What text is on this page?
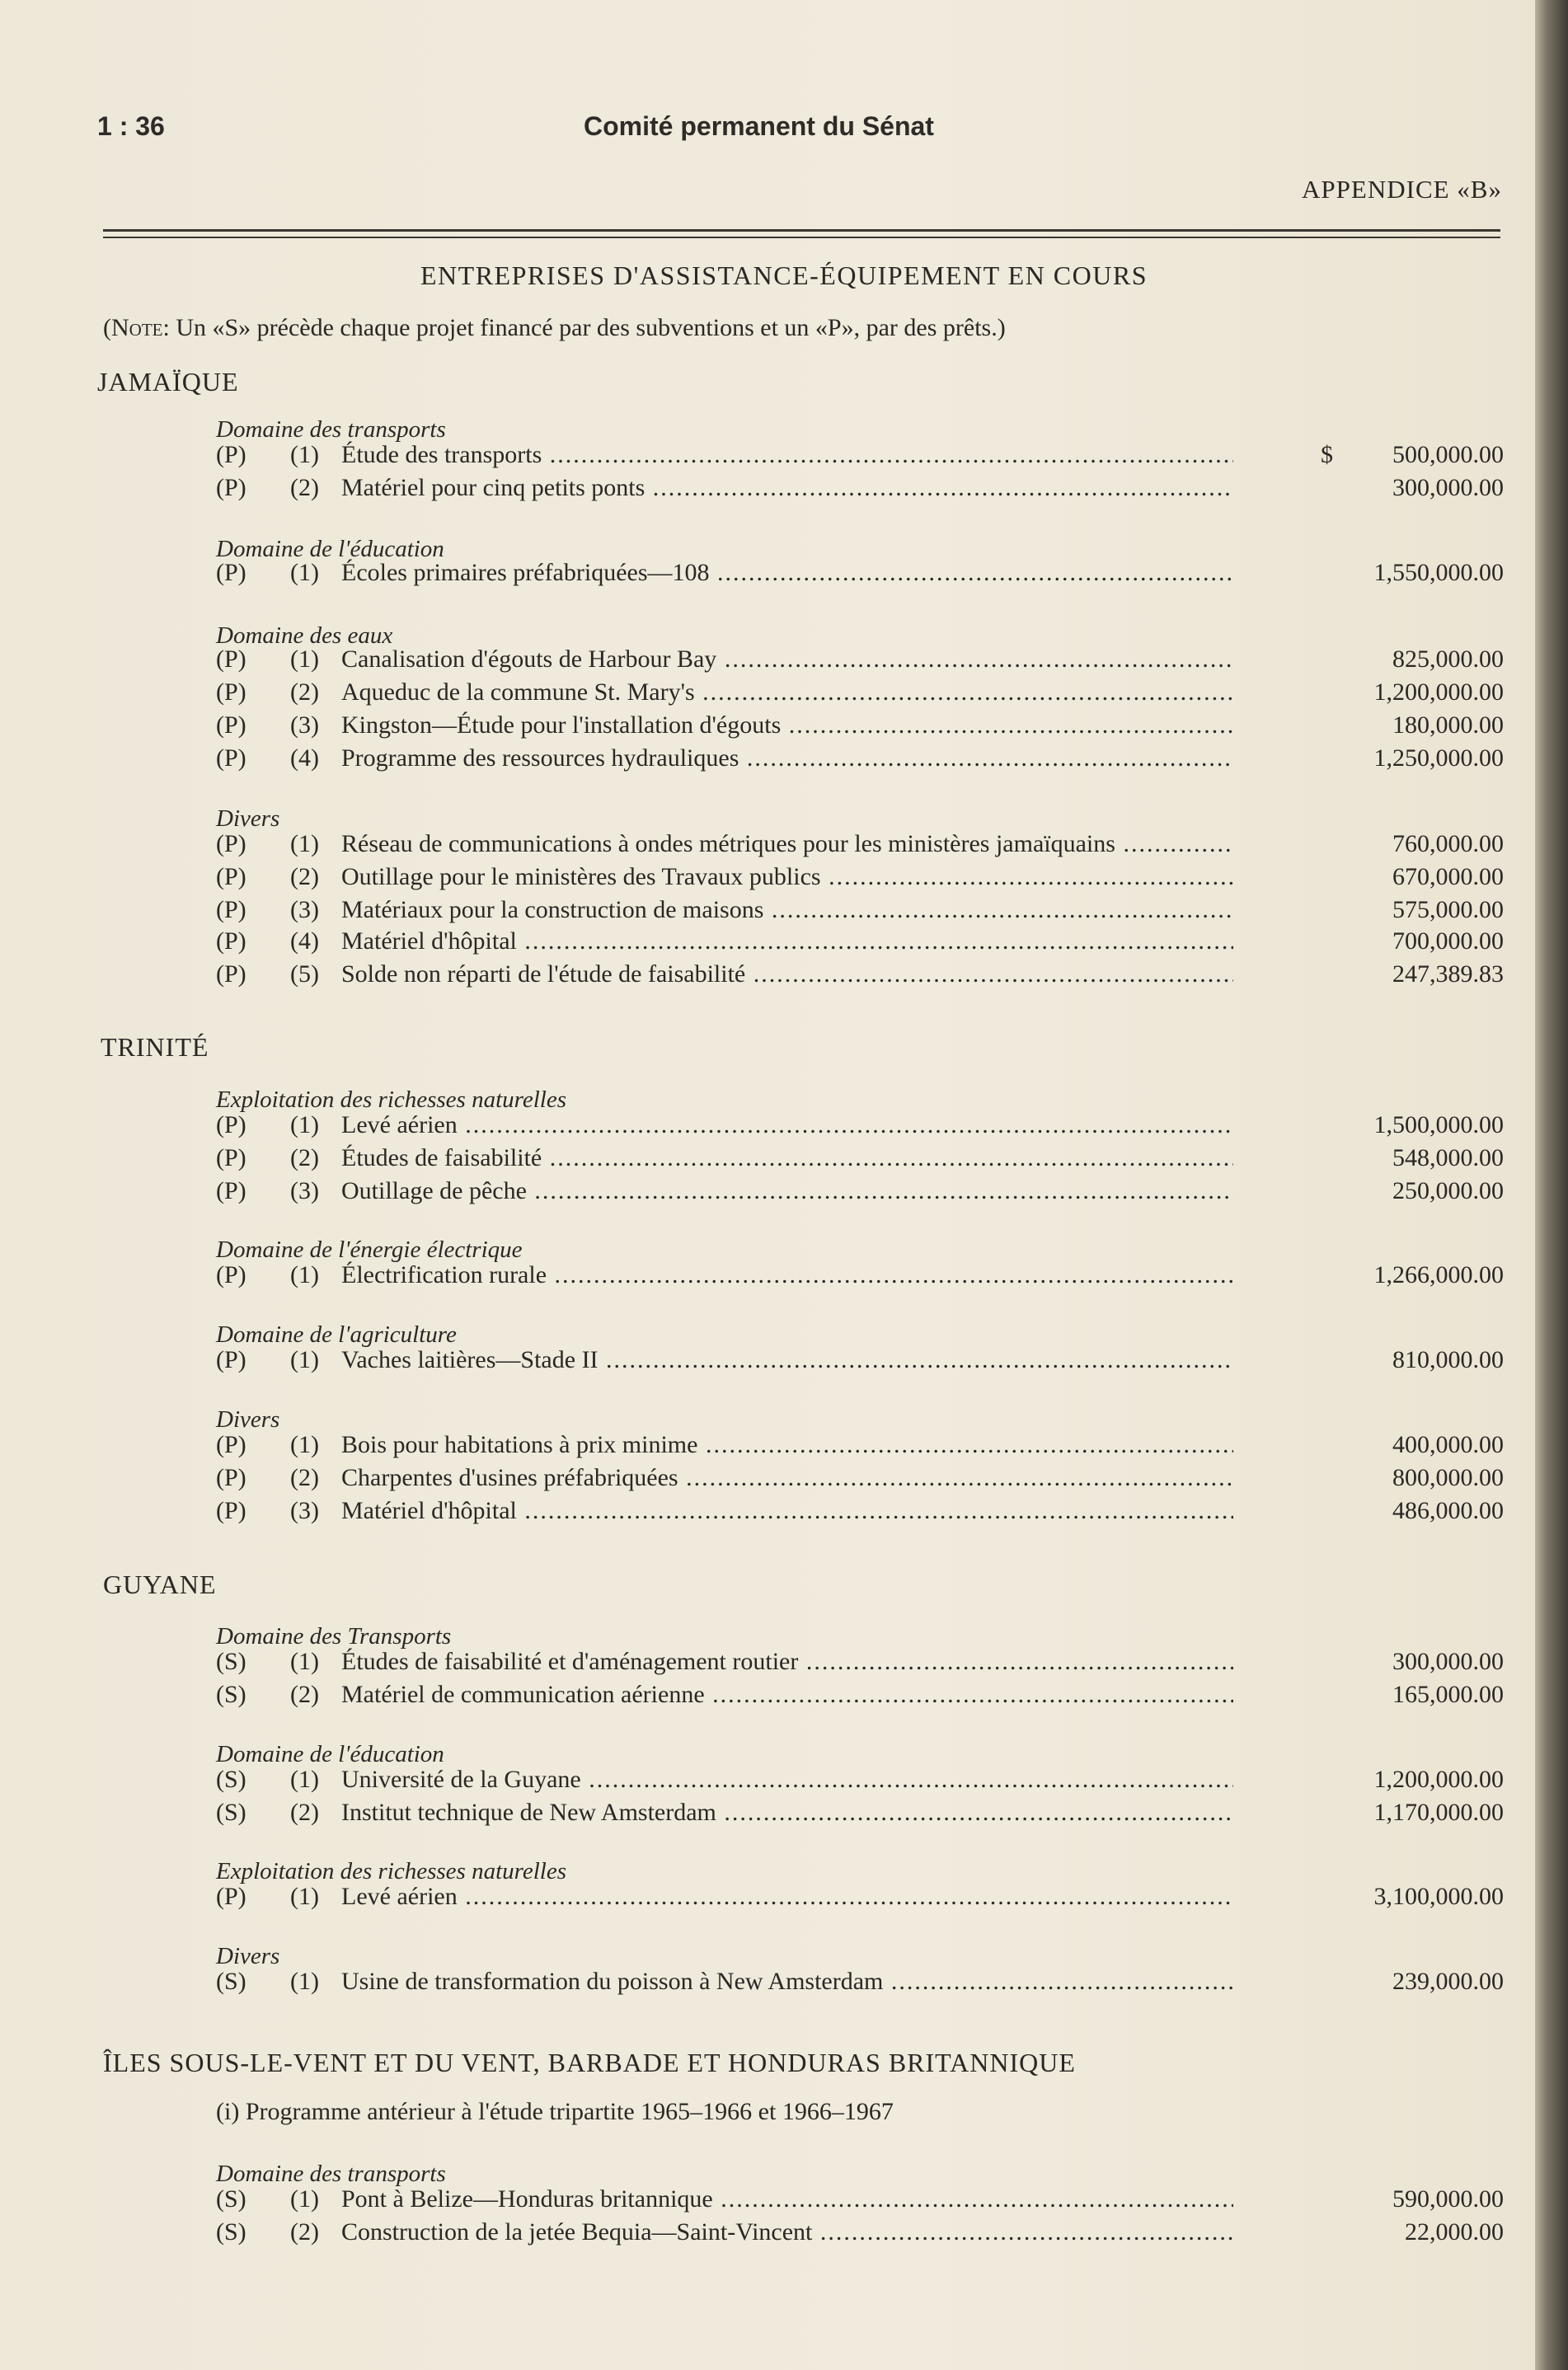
1 : 36	Comité permanent du Sénat
APPENDICE «B»
ENTREPRISES D'ASSISTANCE-ÉQUIPEMENT EN COURS
(Note: Un «S» précède chaque projet financé par des subventions et un «P», par des prêts.)
JAMAÏQUE
Domaine des transports
(P) (1) Étude des transports .....	$ 500,000.00
(P) (2) Matériel pour cinq petits ponts .....	300,000.00
Domaine de l'éducation
(P) (1) Écoles primaires préfabriquées—108 .....	1,550,000.00
Domaine des eaux
(P) (1) Canalisation d'égouts de Harbour Bay .....	825,000.00
(P) (2) Aqueduc de la commune St. Mary's .....	1,200,000.00
(P) (3) Kingston—Étude pour l'installation d'égouts .....	180,000.00
(P) (4) Programme des ressources hydrauliques .....	1,250,000.00
Divers
(P) (1) Réseau de communications à ondes métriques pour les ministères jamaïquains .....	760,000.00
(P) (2) Outillage pour le ministères des Travaux publics .....	670,000.00
(P) (3) Matériaux pour la construction de maisons .....	575,000.00
(P) (4) Matériel d'hôpital .....	700,000.00
(P) (5) Solde non réparti de l'étude de faisabilité .....	247,389.83
TRINITÉ
Exploitation des richesses naturelles
(P) (1) Levé aérien .....	1,500,000.00
(P) (2) Études de faisabilité .....	548,000.00
(P) (3) Outillage de pêche .....	250,000.00
Domaine de l'énergie électrique
(P) (1) Électrification rurale .....	1,266,000.00
Domaine de l'agriculture
(P) (1) Vaches laitières—Stade II .....	810,000.00
Divers
(P) (1) Bois pour habitations à prix minime .....	400,000.00
(P) (2) Charpentes d'usines préfabriquées .....	800,000.00
(P) (3) Matériel d'hôpital .....	486,000.00
GUYANE
Domaine des Transports
(S) (1) Études de faisabilité et d'aménagement routier .....	300,000.00
(S) (2) Matériel de communication aérienne .....	165,000.00
Domaine de l'éducation
(S) (1) Université de la Guyane .....	1,200,000.00
(S) (2) Institut technique de New Amsterdam .....	1,170,000.00
Exploitation des richesses naturelles
(P) (1) Levé aérien .....	3,100,000.00
Divers
(S) (1) Usine de transformation du poisson à New Amsterdam .....	239,000.00
ÎLES SOUS-LE-VENT ET DU VENT, BARBADE ET HONDURAS BRITANNIQUE
(i) Programme antérieur à l'étude tripartite 1965–1966 et 1966–1967
Domaine des transports
(S) (1) Pont à Belize—Honduras britannique .....	590,000.00
(S) (2) Construction de la jetée Bequia—Saint-Vincent .....	22,000.00
